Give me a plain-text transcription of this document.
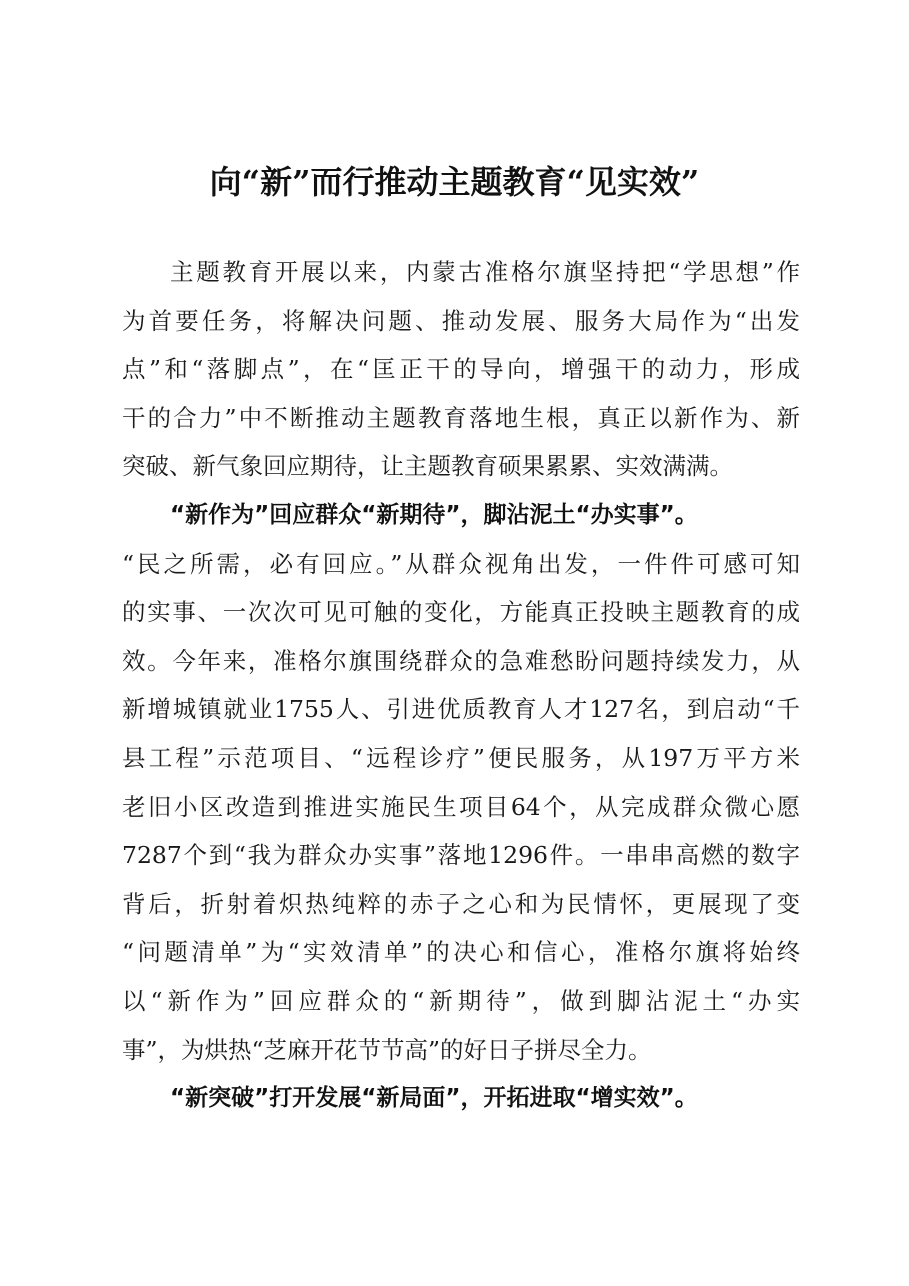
向“新”而行推动主题教育“见实效”
主题教育开展以来，内蒙古准格尔旗坚持把“学思想”作
为首要任务，将解决问题、推动发展、服务大局作为“出发
点”和“落脚点”，在“匡正干的导向，增强干的动力，形成
干的合力”中不断推动主题教育落地生根，真正以新作为、新
突破、新气象回应期待，让主题教育硕果累累、实效满满。
“新作为”回应群众“新期待”，脚沾泥土“办实事”。
“民之所需，必有回应。”从群众视角出发，一件件可感可知
的实事、一次次可见可触的变化，方能真正投映主题教育的成
效。今年来，准格尔旗围绕群众的急难愁盼问题持续发力，从
新增城镇就业1755人、引进优质教育人才127名，到启动“千
县工程”示范项目、“远程诊疗”便民服务，从197万平方米
老旧小区改造到推进实施民生项目64个，从完成群众微心愿
7287个到“我为群众办实事”落地1296件。一串串高燃的数字
背后，折射着炽热纯粹的赤子之心和为民情怀，更展现了变
“问题清单”为“实效清单”的决心和信心，准格尔旗将始终
以“新作为”回应群众的“新期待”，做到脚沾泥土“办实
事”，为烘热“芝麻开花节节高”的好日子拼尽全力。
“新突破”打开发展“新局面”，开拓进取“增实效”。
